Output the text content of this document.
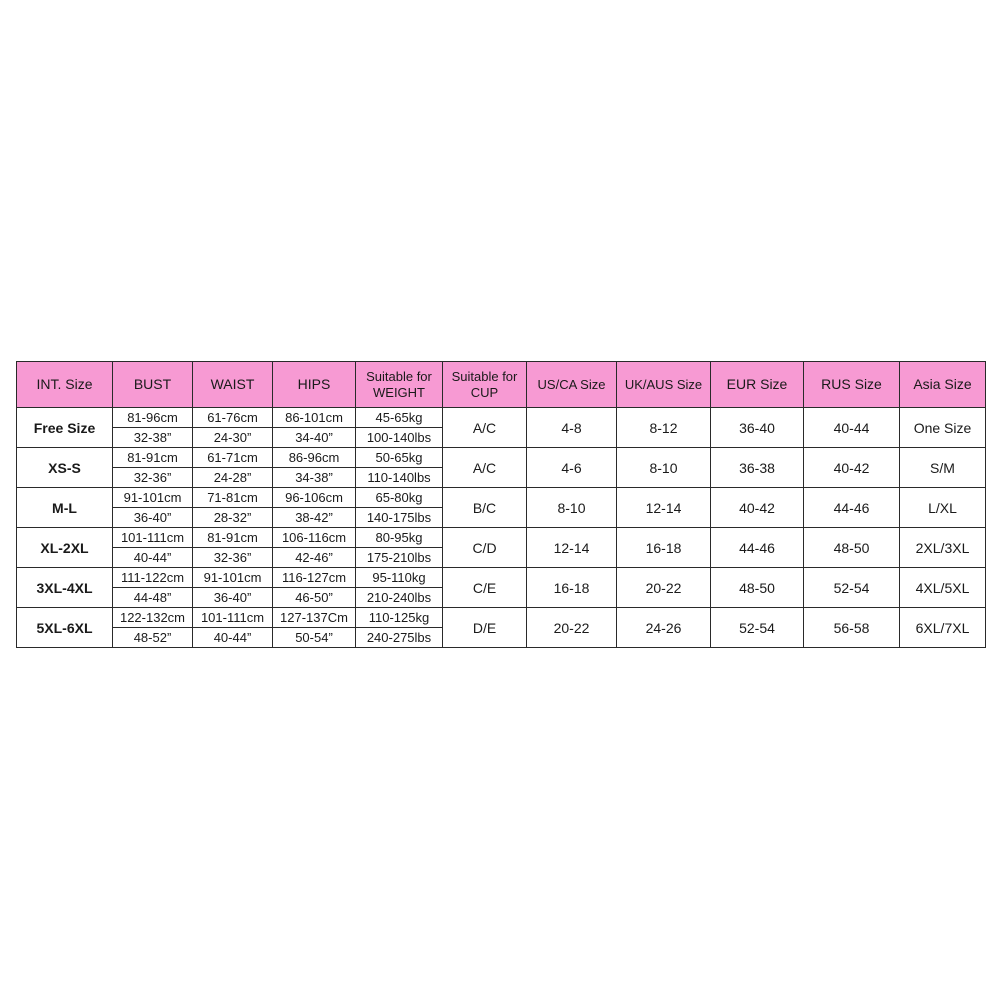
INT. Size	BUST	WAIST	HIPS	Suitable for WEIGHT	Suitable for CUP	US/CA Size	UK/AUS Size	EUR Size	RUS Size	Asia Size
Free Size	81-96cm	61-76cm	86-101cm	45-65kg	A/C	4-8	8-12	36-40	40-44	One Size
	32-38”	24-30”	34-40”	100-140lbs						
XS-S	81-91cm	61-71cm	86-96cm	50-65kg	A/C	4-6	8-10	36-38	40-42	S/M
	32-36”	24-28”	34-38”	110-140lbs						
M-L	91-101cm	71-81cm	96-106cm	65-80kg	B/C	8-10	12-14	40-42	44-46	L/XL
	36-40”	28-32”	38-42”	140-175lbs						
XL-2XL	101-111cm	81-91cm	106-116cm	80-95kg	C/D	12-14	16-18	44-46	48-50	2XL/3XL
	40-44”	32-36”	42-46”	175-210lbs						
3XL-4XL	111-122cm	91-101cm	116-127cm	95-110kg	C/E	16-18	20-22	48-50	52-54	4XL/5XL
	44-48”	36-40”	46-50”	210-240lbs						
5XL-6XL	122-132cm	101-111cm	127-137Cm	110-125kg	D/E	20-22	24-26	52-54	56-58	6XL/7XL
	48-52”	40-44”	50-54”	240-275lbs						
